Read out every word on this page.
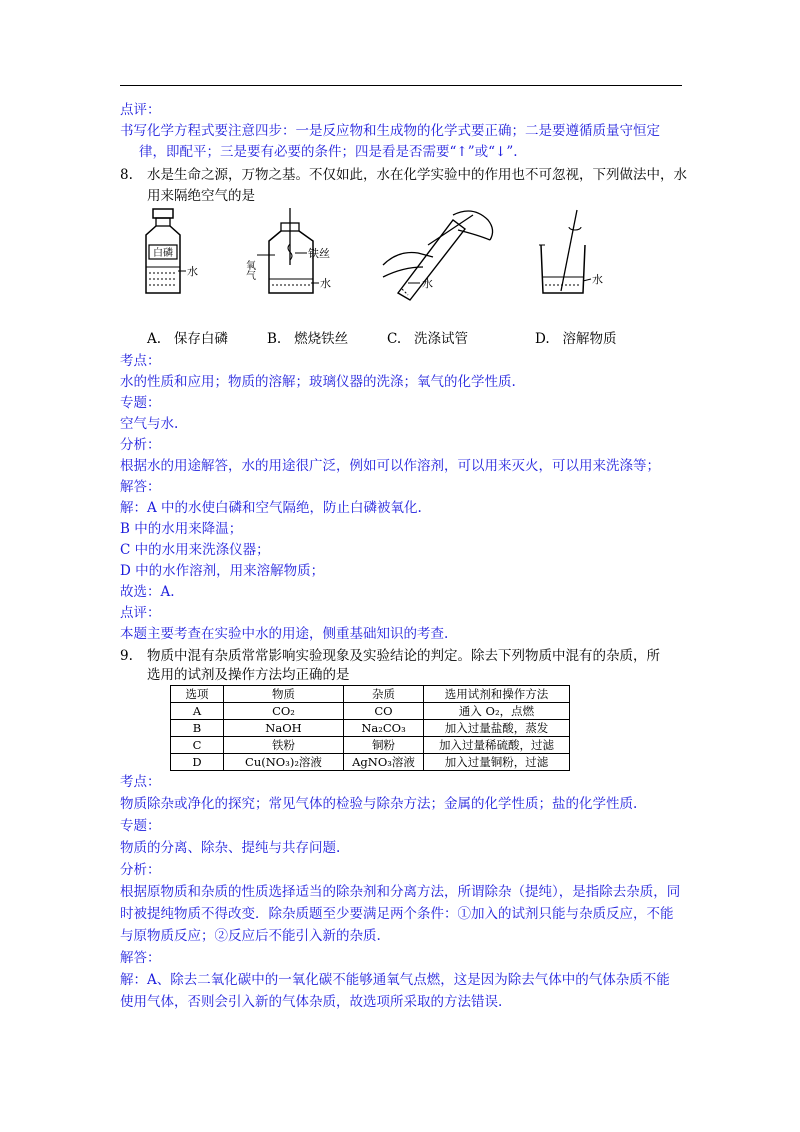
点评：
书写化学方程式要注意四步：一是反应物和生成物的化学式要正确；二是要遵循质量守恒定
律，即配平；三是要有必要的条件；四是看是否需要“↑”或“↓”.
8. 水是生命之源，万物之基。不仅如此，水在化学实验中的作用也不可忽视，下列做法中，水
用来隔绝空气的是
白磷
水
水
氧气
铁丝
水	水
A. 保存白磷	B. 燃烧铁丝	C. 洗涤试管	D. 溶解物质
考点：
水的性质和应用；物质的溶解；玻璃仪器的洗涤；氧气的化学性质.
专题：
空气与水.
分析：
根据水的用途解答，水的用途很广泛，例如可以作溶剂，可以用来灭火，可以用来洗涤等；
解答：
解：A 中的水使白磷和空气隔绝，防止白磷被氧化.
B 中的水用来降温；
C 中的水用来洗涤仪器；
D 中的水作溶剂，用来溶解物质；
故选：A.
点评：
本题主要考查在实验中水的用途，侧重基础知识的考查.
9. 物质中混有杂质常常影响实验现象及实验结论的判定。除去下列物质中混有的杂质，所
选用的试剂及操作方法均正确的是
选项	物质	杂质	选用试剂和操作方法
A	CO₂	CO	通入 O₂，点燃
B	NaOH	Na₂CO₃	加入过量盐酸，蒸发
C	铁粉	铜粉	加入过量稀硫酸，过滤
D	Cu(NO₃)₂溶液	AgNO₃溶液	加入过量铜粉，过滤
考点：
物质除杂或净化的探究；常见气体的检验与除杂方法；金属的化学性质；盐的化学性质.
专题：
物质的分离、除杂、提纯与共存问题.
分析：
根据原物质和杂质的性质选择适当的除杂剂和分离方法，所谓除杂（提纯），是指除去杂质，同
时被提纯物质不得改变．除杂质题至少要满足两个条件：①加入的试剂只能与杂质反应，不能
与原物质反应；②反应后不能引入新的杂质.
解答：
解：A、除去二氧化碳中的一氧化碳不能够通氧气点燃，这是因为除去气体中的气体杂质不能
使用气体，否则会引入新的气体杂质，故选项所采取的方法错误.
